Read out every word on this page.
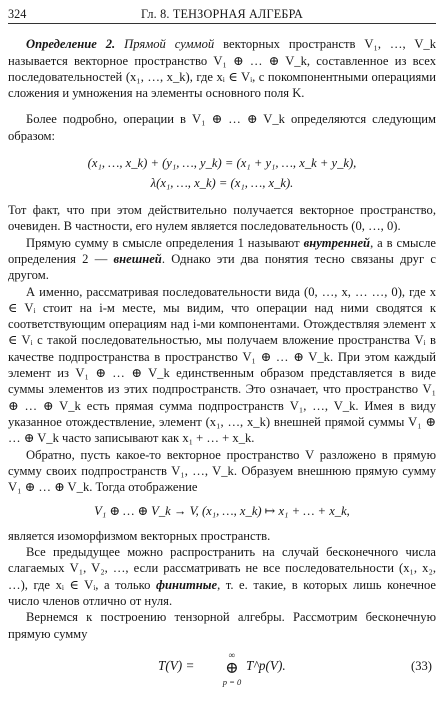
324	Гл. 8. ТЕНЗОРНАЯ АЛГЕБРА

Определение 2. Прямой суммой векторных пространств V₁, …, V_k называется векторное пространство V₁ ⊕ … ⊕ V_k, составленное из всех последовательностей (x₁, …, x_k), где xᵢ ∈ Vᵢ, с покомпонентными операциями сложения и умножения на элементы основного поля K.

Более подробно, операции в V₁ ⊕ … ⊕ V_k определяются следующим образом:

(x₁, …, x_k) + (y₁, …, y_k) = (x₁ + y₁, …, x_k + y_k),
λ(x₁, …, x_k) = (x₁, …, x_k).

Тот факт, что при этом действительно получается векторное пространство, очевиден. В частности, его нулем является последовательность (0, …, 0).

Прямую сумму в смысле определения 1 называют внутренней, а в смысле определения 2 — внешней. Однако эти два понятия тесно связаны друг с другом.

А именно, рассматривая последовательности вида (0, …, x, … …, 0), где x ∈ Vᵢ стоит на i-м месте, мы видим, что операции над ними сводятся к соответствующим операциям над i-ми компонентами. Отождествляя элемент x ∈ Vᵢ с такой последовательностью, мы получаем вложение пространства Vᵢ в качестве подпространства в пространство V₁ ⊕ … ⊕ V_k. При этом каждый элемент из V₁ ⊕ … ⊕ V_k единственным образом представляется в виде суммы элементов из этих подпространств. Это означает, что пространство V₁ ⊕ … ⊕ V_k есть прямая сумма подпространств V₁, …, V_k. Имея в виду указанное отождествление, элемент (x₁, …, x_k) внешней прямой суммы V₁ ⊕ … ⊕ V_k часто записывают как x₁ + … + x_k.

Обратно, пусть какое-то векторное пространство V разложено в прямую сумму своих подпространств V₁, …, V_k. Образуем внешнюю прямую сумму V₁ ⊕ … ⊕ V_k. Тогда отображение

V₁ ⊕ … ⊕ V_k → V, (x₁, …, x_k) ↦ x₁ + … + x_k,

является изоморфизмом векторных пространств.

Все предыдущее можно распространить на случай бесконечного числа слагаемых V₁, V₂, …, если рассматривать не все последовательности (x₁, x₂, …), где xᵢ ∈ Vᵢ, а только финитные, т. е. такие, в которых лишь конечное число членов отлично от нуля.

Вернемся к построению тензорной алгебры. Рассмотрим бесконечную прямую сумму

T(V) =
∞
⊕
p = 0
T^p(V).	(33)
